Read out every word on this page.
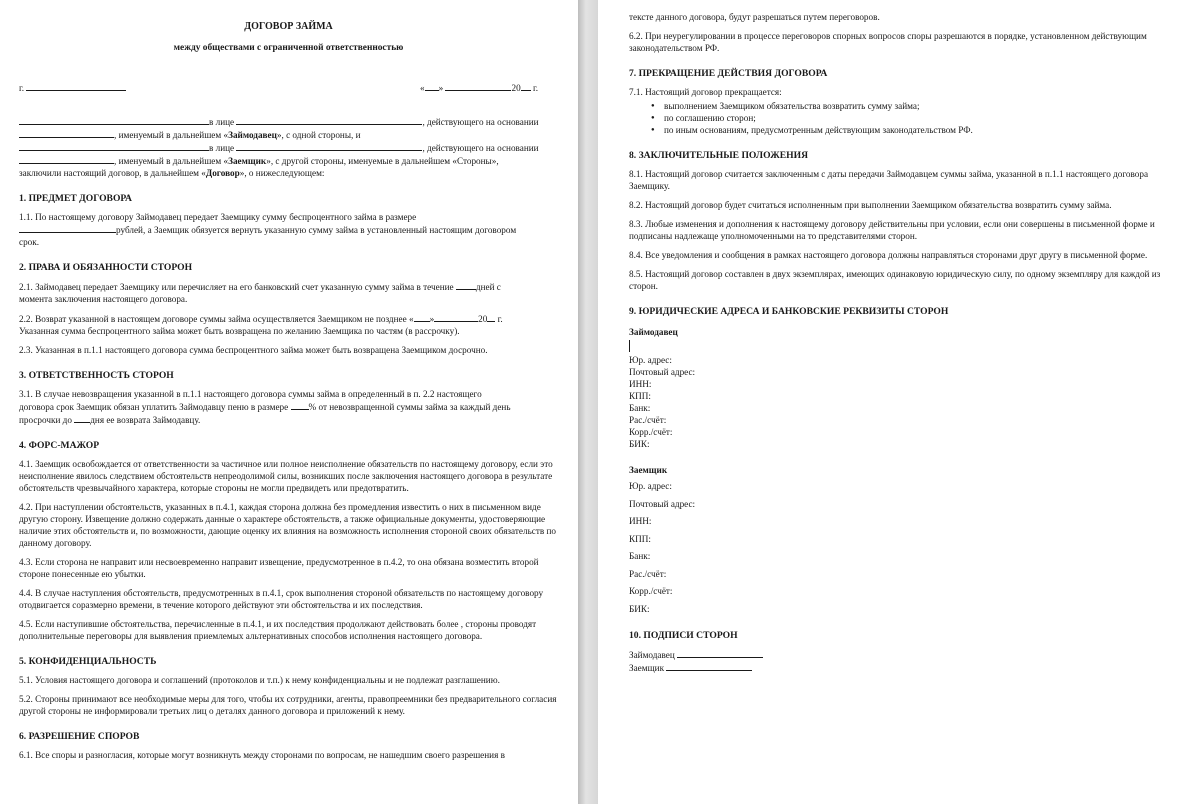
ДОГОВОР ЗАЙМА

между обществами с ограниченной ответственностью

г.	« »	20 г.

в лице	, действующего на основании

, именуемый в дальнейшем «Займодавец», с одной стороны, и

в лице	, действующего на основании

, именуемый в дальнейшем «Заемщик», с другой стороны, именуемые в дальнейшем «Стороны»,

заключили настоящий договор, в дальнейшем «Договор», о нижеследующем:

1. ПРЕДМЕТ ДОГОВОРА

1.1. По настоящему договору Займодавец передает Заемщику сумму беспроцентного займа в размере

рублей, а Заемщик обязуется вернуть указанную сумму займа в установленный настоящим договором

срок.

2. ПРАВА И ОБЯЗАННОСТИ СТОРОН

2.1. Займодавец передает Заемщику или перечисляет на его банковский счет указанную сумму займа в течение дней с

момента заключения настоящего договора.

2.2. Возврат указанной в настоящем договоре суммы займа осуществляется Заемщиком не позднее « »	20 г.

Указанная сумма беспроцентного займа может быть возвращена по желанию Заемщика по частям (в рассрочку).

2.3. Указанная в п.1.1 настоящего договора сумма беспроцентного займа может быть возвращена Заемщиком досрочно.

3. ОТВЕТСТВЕННОСТЬ СТОРОН

3.1. В случае невозвращения указанной в п.1.1 настоящего договора суммы займа в определенный в п. 2.2 настоящего

договора срок Заемщик обязан уплатить Займодавцу пеню в размере % от невозвращенной суммы займа за каждый день

просрочки до дня ее возврата Займодавцу.

4. ФОРС-МАЖОР

4.1. Заемщик освобождается от ответственности за частичное или полное неисполнение обязательств по настоящему договору, если это неисполнение явилось следствием обстоятельств непреодолимой силы, возникших после заключения настоящего договора в результате обстоятельств чрезвычайного характера, которые стороны не могли предвидеть или предотвратить.

4.2. При наступлении обстоятельств, указанных в п.4.1, каждая сторона должна без промедления известить о них в письменном виде другую сторону. Извещение должно содержать данные о характере обстоятельств, а также официальные документы, удостоверяющие наличие этих обстоятельств и, по возможности, дающие оценку их влияния на возможность исполнения стороной своих обязательств по данному договору.

4.3. Если сторона не направит или несвоевременно направит извещение, предусмотренное в п.4.2, то она обязана возместить второй стороне понесенные ею убытки.

4.4. В случае наступления обстоятельств, предусмотренных в п.4.1, срок выполнения стороной обязательств по настоящему договору отодвигается соразмерно времени, в течение которого действуют эти обстоятельства и их последствия.

4.5. Если наступившие обстоятельства, перечисленные в п.4.1, и их последствия продолжают действовать более , стороны проводят дополнительные переговоры для выявления приемлемых альтернативных способов исполнения настоящего договора.

5. КОНФИДЕНЦИАЛЬНОСТЬ

5.1. Условия настоящего договора и соглашений (протоколов и т.п.) к нему конфиденциальны и не подлежат разглашению.

5.2. Стороны принимают все необходимые меры для того, чтобы их сотрудники, агенты, правопреемники без предварительного согласия другой стороны не информировали третьих лиц о деталях данного договора и приложений к нему.

6. РАЗРЕШЕНИЕ СПОРОВ

6.1. Все споры и разногласия, которые могут возникнуть между сторонами по вопросам, не нашедшим своего разрешения в

тексте данного договора, будут разрешаться путем переговоров.

6.2. При неурегулировании в процессе переговоров спорных вопросов споры разрешаются в порядке, установленном действующим законодательством РФ.

7. ПРЕКРАЩЕНИЕ ДЕЙСТВИЯ ДОГОВОРА

7.1. Настоящий договор прекращается:

● выполнением Заемщиком обязательства возвратить сумму займа;
● по соглашению сторон;
● по иным основаниям, предусмотренным действующим законодательством РФ.

8. ЗАКЛЮЧИТЕЛЬНЫЕ ПОЛОЖЕНИЯ

8.1. Настоящий договор считается заключенным с даты передачи Займодавцем суммы займа, указанной в п.1.1 настоящего договора Заемщику.

8.2. Настоящий договор будет считаться исполненным при выполнении Заемщиком обязательства возвратить сумму займа.

8.3. Любые изменения и дополнения к настоящему договору действительны при условии, если они совершены в письменной форме и подписаны надлежаще уполномоченными на то представителями сторон.

8.4. Все уведомления и сообщения в рамках настоящего договора должны направляться сторонами друг другу в письменной форме.

8.5. Настоящий договор составлен в двух экземплярах, имеющих одинаковую юридическую силу, по одному экземпляру для каждой из сторон.

9. ЮРИДИЧЕСКИЕ АДРЕСА И БАНКОВСКИЕ РЕКВИЗИТЫ СТОРОН

Займодавец

Юр. адрес:
Почтовый адрес:
ИНН:
КПП:
Банк:
Рас./счёт:
Корр./счёт:
БИК:

Заемщик

Юр. адрес:
Почтовый адрес:
ИНН:
КПП:
Банк:
Рас./счёт:
Корр./счёт:
БИК:

10. ПОДПИСИ СТОРОН

Займодавец

Заемщик
